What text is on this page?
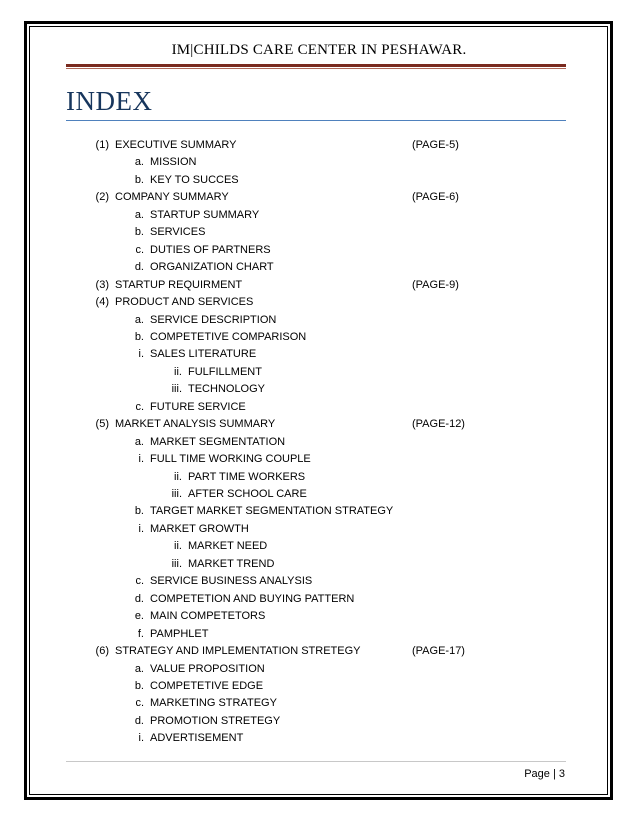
IM|CHILDS CARE CENTER IN PESHAWAR.
INDEX
(1) EXECUTIVE SUMMARY	(PAGE-5)
a. MISSION
b. KEY TO SUCCES
(2) COMPANY SUMMARY	(PAGE-6)
a. STARTUP SUMMARY
b. SERVICES
c. DUTIES OF PARTNERS
d. ORGANIZATION CHART
(3) STARTUP REQUIRMENT	(PAGE-9)
(4) PRODUCT AND SERVICES
a. SERVICE DESCRIPTION
b. COMPETETIVE COMPARISON
i. SALES LITERATURE
ii. FULFILLMENT
iii. TECHNOLOGY
c. FUTURE SERVICE
(5) MARKET ANALYSIS SUMMARY	(PAGE-12)
a. MARKET SEGMENTATION
i. FULL TIME WORKING COUPLE
ii. PART TIME WORKERS
iii. AFTER SCHOOL CARE
b. TARGET MARKET SEGMENTATION STRATEGY
i. MARKET GROWTH
ii. MARKET NEED
iii. MARKET TREND
c. SERVICE BUSINESS ANALYSIS
d. COMPETETION AND BUYING PATTERN
e. MAIN COMPETETORS
f. PAMPHLET
(6) STRATEGY AND IMPLEMENTATION STRETEGY	(PAGE-17)
a. VALUE PROPOSITION
b. COMPETETIVE EDGE
c. MARKETING STRATEGY
d. PROMOTION STRETEGY
i. ADVERTISEMENT
Page | 3
